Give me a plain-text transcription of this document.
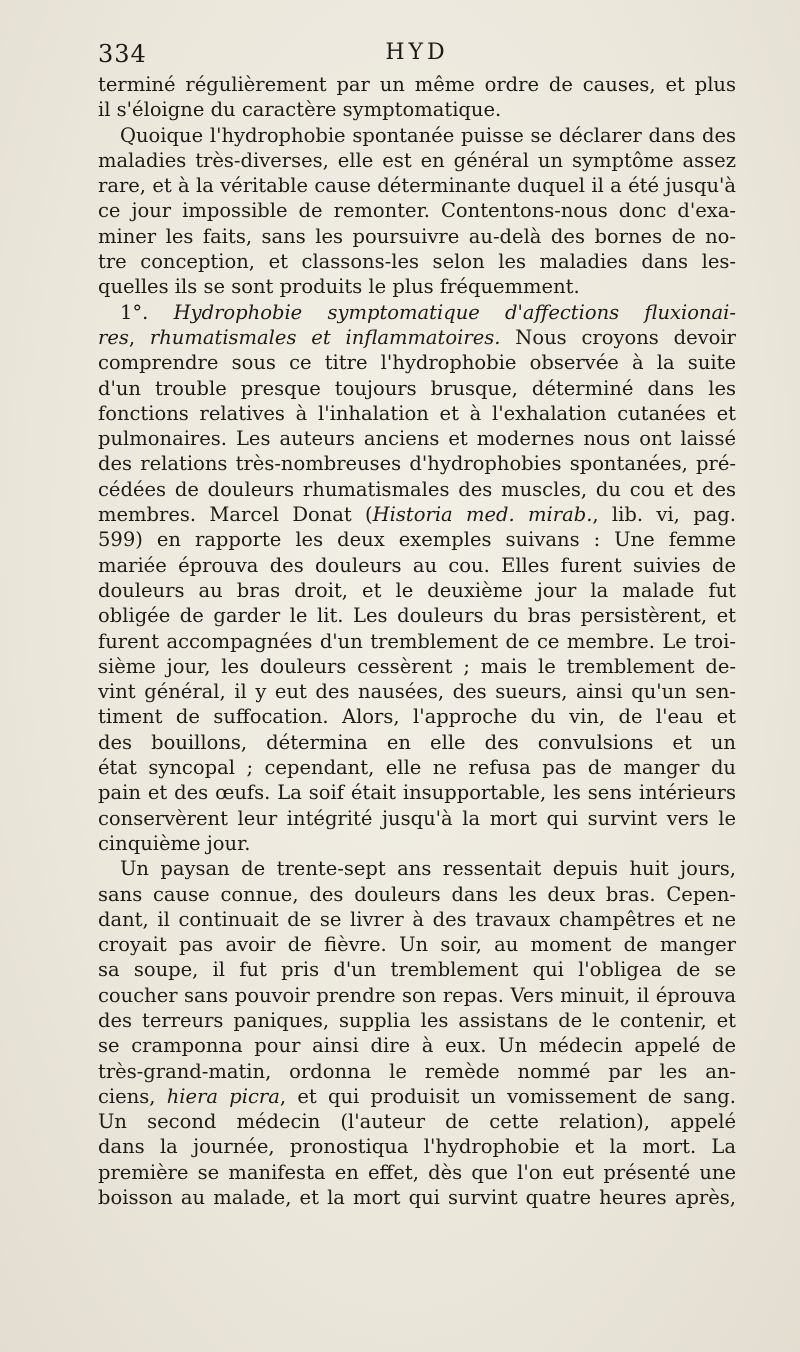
334	HYD
terminé régulièrement par un même ordre de causes, et plus
il s'éloigne du caractère symptomatique.
Quoique l'hydrophobie spontanée puisse se déclarer dans des
maladies très-diverses, elle est en général un symptôme assez
rare, et à la véritable cause déterminante duquel il a été jusqu'à
ce jour impossible de remonter. Contentons-nous donc d'exa-
miner les faits, sans les poursuivre au-delà des bornes de no-
tre conception, et classons-les selon les maladies dans les-
quelles ils se sont produits le plus fréquemment.
1°. Hydrophobie symptomatique d'affections fluxionai-
res, rhumatismales et inflammatoires. Nous croyons devoir
comprendre sous ce titre l'hydrophobie observée à la suite
d'un trouble presque toujours brusque, déterminé dans les
fonctions relatives à l'inhalation et à l'exhalation cutanées et
pulmonaires. Les auteurs anciens et modernes nous ont laissé
des relations très-nombreuses d'hydrophobies spontanées, pré-
cédées de douleurs rhumatismales des muscles, du cou et des
membres. Marcel Donat (Historia med. mirab., lib. vi, pag.
599) en rapporte les deux exemples suivans : Une femme
mariée éprouva des douleurs au cou. Elles furent suivies de
douleurs au bras droit, et le deuxième jour la malade fut
obligée de garder le lit. Les douleurs du bras persistèrent, et
furent accompagnées d'un tremblement de ce membre. Le troi-
sième jour, les douleurs cessèrent ; mais le tremblement de-
vint général, il y eut des nausées, des sueurs, ainsi qu'un sen-
timent de suffocation. Alors, l'approche du vin, de l'eau et
des bouillons, détermina en elle des convulsions et un
état syncopal ; cependant, elle ne refusa pas de manger du
pain et des œufs. La soif était insupportable, les sens intérieurs
conservèrent leur intégrité jusqu'à la mort qui survint vers le
cinquième jour.
Un paysan de trente-sept ans ressentait depuis huit jours,
sans cause connue, des douleurs dans les deux bras. Cepen-
dant, il continuait de se livrer à des travaux champêtres et ne
croyait pas avoir de fièvre. Un soir, au moment de manger
sa soupe, il fut pris d'un tremblement qui l'obligea de se
coucher sans pouvoir prendre son repas. Vers minuit, il éprouva
des terreurs paniques, supplia les assistans de le contenir, et
se cramponna pour ainsi dire à eux. Un médecin appelé de
très-grand-matin, ordonna le remède nommé par les an-
ciens, hiera picra, et qui produisit un vomissement de sang.
Un second médecin (l'auteur de cette relation), appelé
dans la journée, pronostiqua l'hydrophobie et la mort. La
première se manifesta en effet, dès que l'on eut présenté une
boisson au malade, et la mort qui survint quatre heures après,
